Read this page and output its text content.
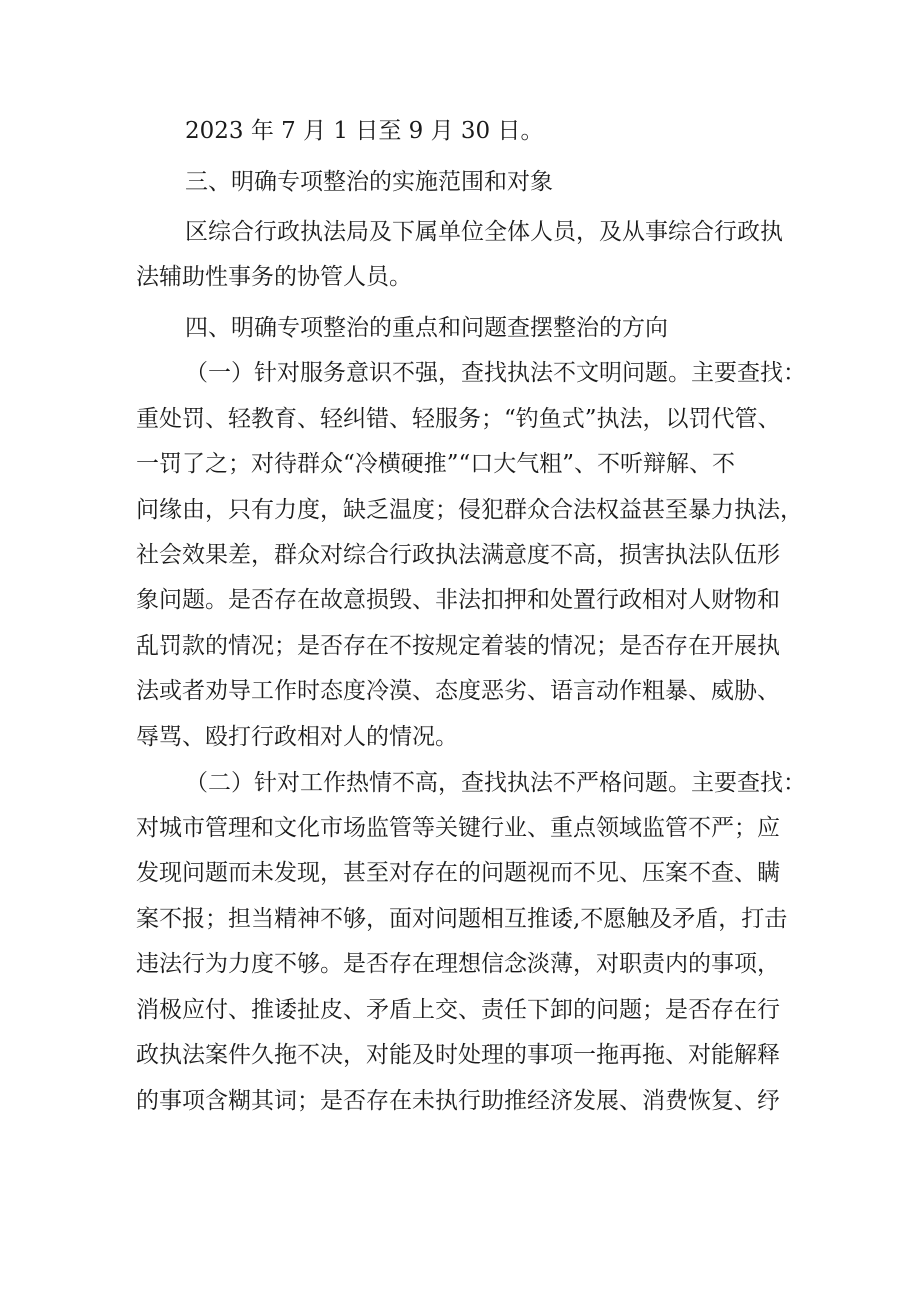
2023 年 7 月 1 日至 9 月 30 日。
三、明确专项整治的实施范围和对象
区综合行政执法局及下属单位全体人员，及从事综合行政执
法辅助性事务的协管人员。
四、明确专项整治的重点和问题查摆整治的方向
（一）针对服务意识不强，查找执法不文明问题。主要查找：
重处罚、轻教育、轻纠错、轻服务；“钓鱼式”执法，以罚代管、
一罚了之；对待群众“冷横硬推”“口大气粗”、不听辩解、不
问缘由，只有力度，缺乏温度；侵犯群众合法权益甚至暴力执法，
社会效果差，群众对综合行政执法满意度不高，损害执法队伍形
象问题。是否存在故意损毁、非法扣押和处置行政相对人财物和
乱罚款的情况；是否存在不按规定着装的情况；是否存在开展执
法或者劝导工作时态度冷漠、态度恶劣、语言动作粗暴、威胁、
辱骂、殴打行政相对人的情况。
（二）针对工作热情不高，查找执法不严格问题。主要查找：
对城市管理和文化市场监管等关键行业、重点领域监管不严；应
发现问题而未发现，甚至对存在的问题视而不见、压案不查、瞒
案不报；担当精神不够，面对问题相互推诿,不愿触及矛盾，打击
违法行为力度不够。是否存在理想信念淡薄，对职责内的事项，
消极应付、推诿扯皮、矛盾上交、责任下卸的问题；是否存在行
政执法案件久拖不决，对能及时处理的事项一拖再拖、对能解释
的事项含糊其词；是否存在未执行助推经济发展、消费恢复、纾
